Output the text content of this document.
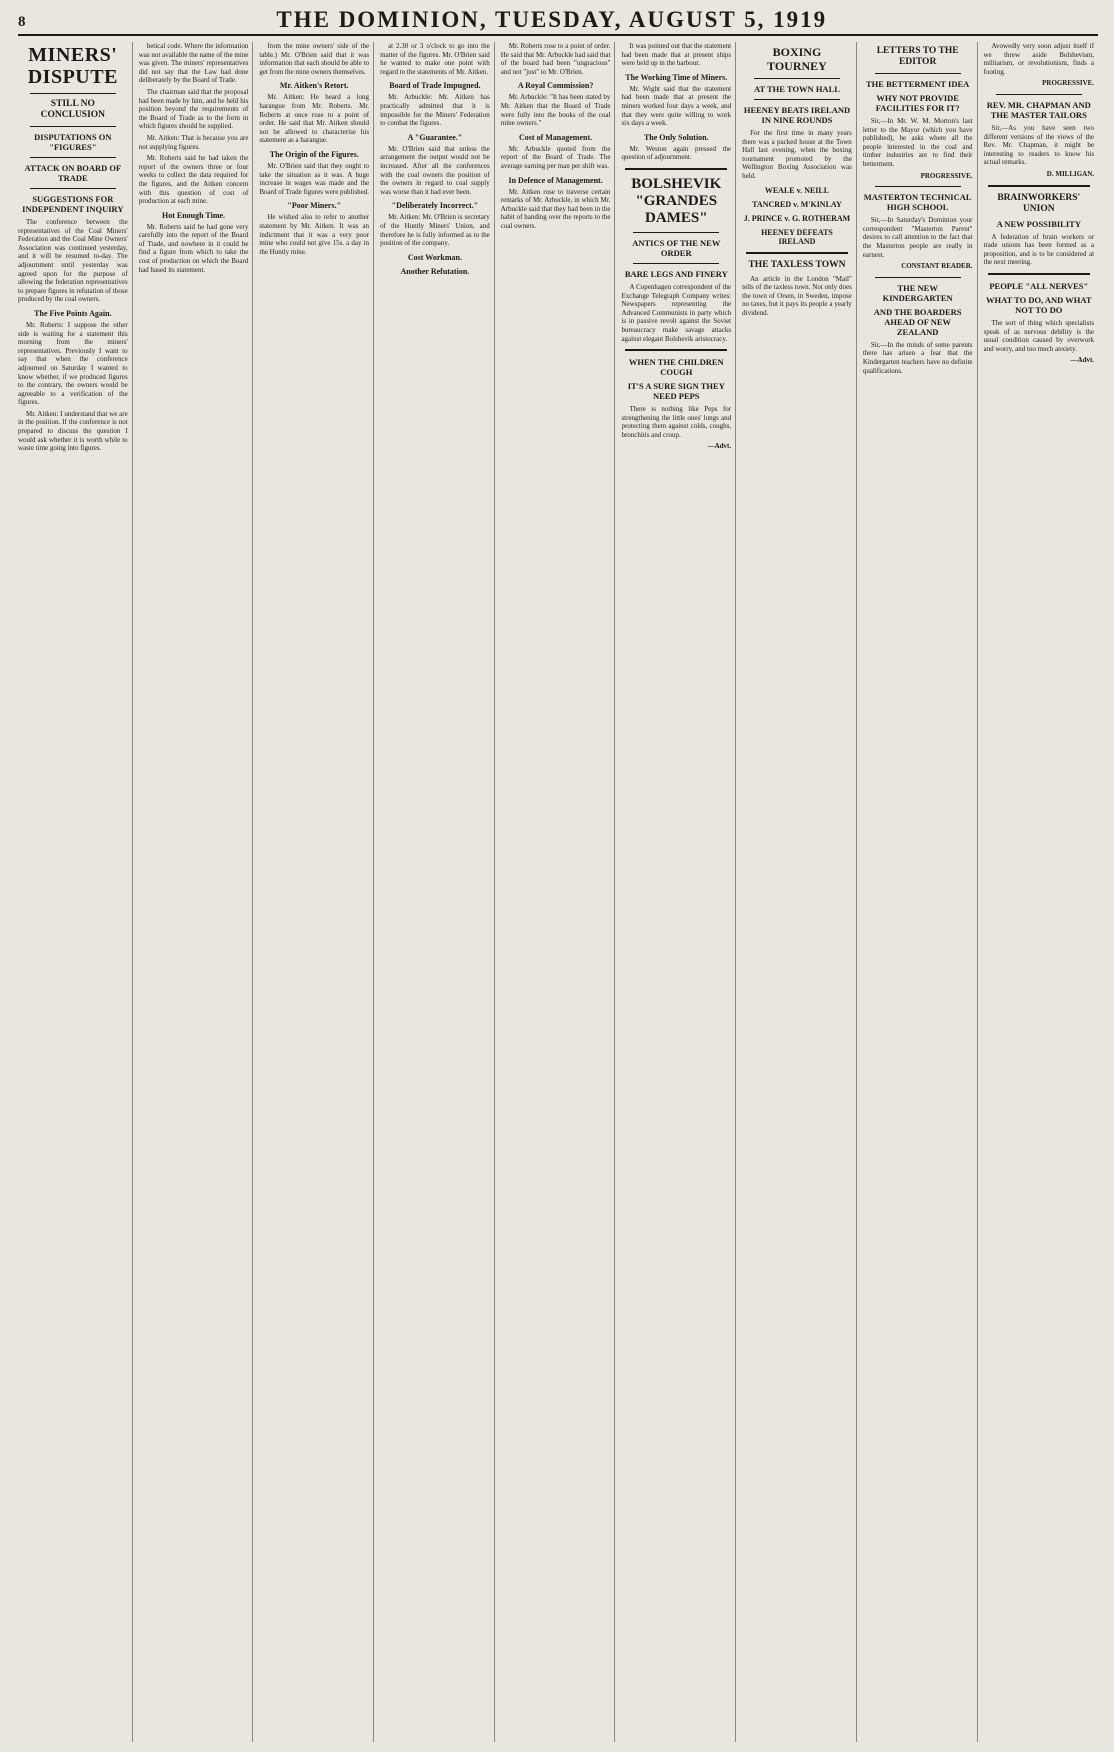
8	THE DOMINION, TUESDAY, AUGUST 5, 1919
MINERS' DISPUTE
STILL NO CONCLUSION
DISPUTATIONS ON "FIGURES"
ATTACK ON BOARD OF TRADE
SUGGESTIONS FOR INDEPENDENT INQUIRY

The conference between the representatives of the Coal Miners' Federation and the Coal Mine Owners' Association was continued yesterday, and it will be resumed to-day. The adjournment until yesterday was agreed upon for the purpose of allowing the federation representatives to prepare figures in refutation of those produced by the coal owners.

The Five Points Again.

Mr. Roberts: I suppose the other side is waiting for a statement this morning from the miners' representatives. Previously I want to say that when the conference adjourned on Saturday I wanted to know whether, if we produced figures to the contrary, the owners would be agreeable to a verification of the figures.

Mr. Aitken: I understand that we are in the position. If the conference is not prepared to discuss the question I would ask whether it is worth while to waste time going into figures.

betical code. Where the information was not available the name of the mine was given. The miners' representatives did not say that the Law had done deliberately by the Board of Trade.

The chairman said that the proposal had been made by him, and he held his position beyond the requirements of the Board of Trade as to the form in which figures should be supplied.

Mr. Aitken: That is because you are not supplying figures.

Mr. Roberts said he had taken the report of the owners three or four weeks to collect the data required for the figures, and the Aitken concern with this question of cost of production at each mine.

Hot Enough Time.

Mr. Roberts said he had gone very carefully into the report of the Board of Trade, and nowhere in it could he find a figure from which to take the cost of production on which the Board had based its statement.

from the mine owners' side of the table.) Mr. O'Brien said that it was information that each should be able to get from the mine owners themselves.

Mr. Aitken's Retort.

Mr. Aitken: He heard a long harangue from Mr. Roberts. Mr. Roberts at once rose to a point of order. He said that Mr. Aitken should not be allowed to characterise his statement as a harangue.

The Origin of the Figures.

Mr. O'Brien said that they ought to take the situation as it was. A huge increase in wages was made and the Board of Trade figures were published.

"Poor Miners."

He wished also to refer to another statement by Mr. Aitken. It was an indictment that it was a very poor mine who could not give 15s. a day in the Huntly mine.

at 2.30 or 3 o'clock to go into the matter of the figures. Mr. O'Brien said he wanted to make one point with regard to the statements of Mr. Aitken.

Board of Trade Impugned.

Mr. Arbuckle: Mr. Aitken has practically admitted that it is impossible for the Miners' Federation to combat the figures.

A "Guarantee."

Mr. O'Brien said that unless the arrangement the output would not be increased. After all the conferences with the coal owners the position of the owners in regard to coal supply was worse than it had ever been.

"Deliberately Incorrect."

Mr. Aitken: Mr. O'Brien is secretary of the Huntly Miners' Union, and therefore he is fully informed as to the position of the company.

Cost Workman.
Another Refutation.

Mr. Roberts rose to a point of order. He said that Mr. Arbuckle had said that of the board had been "ungracious" and not "just" to Mr. O'Brien.

A Royal Commission?

Mr. Arbuckle: "It has been stated by Mr. Aitken that the Board of Trade were fully into the books of the coal mine owners."

Cost of Management.

Mr. Arbuckle quoted from the report of the Board of Trade. The average earning per man per shift was.

In Defence of Management.

Mr. Aitken rose to traverse certain remarks of Mr. Arbuckle, in which Mr. Arbuckle said that they had been in the habit of handing over the reports to the coal owners.

It was pointed out that the statement had been made that at present ships were held up in the harbour.

The Working Time of Miners.

Mr. Wight said that the statement had been made that at present the miners worked four days a week, and that they were quite willing to work six days a week.

The Only Solution.

Mr. Weston again pressed the question of adjournment.

BOLSHEVIK "GRANDES DAMES"
ANTICS OF THE NEW ORDER
BARE LEGS AND FINERY

A Copenhagen correspondent of the Exchange Telegraph Company writes: Newspapers representing the Advanced Communists in party which is in passive revolt against the Soviet bureaucracy make savage attacks against elegant Bolshevik aristocracy.

WHEN THE CHILDREN COUGH
IT'S A SURE SIGN THEY NEED PEPS

There is nothing like Peps for strengthening the little ones' lungs and protecting them against colds, coughs, bronchitis and croup.

—Advt.
BOXING TOURNEY
AT THE TOWN HALL
HEENEY BEATS IRELAND IN NINE ROUNDS

For the first time in many years there was a packed house at the Town Hall last evening, when the boxing tournament promoted by the Wellington Boxing Association was held.

WEALE v. NEILL
TANCRED v. M'KINLAY
J. PRINCE v. G. ROTHERAM
HEENEY DEFEATS IRELAND
THE TAXLESS TOWN

An article in the London "Mail" tells of the taxless town. Not only does the town of Orsen, in Sweden, impose no taxes, but it pays its people a yearly dividend.

LETTERS TO THE EDITOR
THE BETTERMENT IDEA
WHY NOT PROVIDE FACILITIES FOR IT?

Sir,—In Mr. W. M. Morton's last letter to the Mayor (which you have published), he asks where all the people interested in the coal and timber industries are to find their betterment.

PROGRESSIVE.
MASTERTON TECHNICAL HIGH SCHOOL

Sir,—In Saturday's Dominion your correspondent "Masterton Parent" desires to call attention to the fact that the Masterton people are really in earnest.

CONSTANT READER.
THE NEW KINDERGARTEN
AND THE BOARDERS AHEAD OF NEW ZEALAND

Sir,—In the minds of some parents there has arisen a fear that the Kindergarten teachers have no definite qualifications.

Avowedly very soon adjust itself if we threw aside Bolshevism, militarism, or revolutionism, finds a footing.

PROGRESSIVE.
REV. MR. CHAPMAN AND THE MASTER TAILORS

Sir,—As you have seen two different versions of the views of the Rev. Mr. Chapman, it might be interesting to readers to know his actual remarks.

D. MILLIGAN.
BRAINWORKERS' UNION
A NEW POSSIBILITY

A federation of brain workers or trade unions has been formed as a proposition, and is to be considered at the next meeting.

PEOPLE "ALL NERVES"
WHAT TO DO, AND WHAT NOT TO DO

The sort of thing which specialists speak of as nervous debility is the usual condition caused by overwork and worry, and too much anxiety.

—Advt.
